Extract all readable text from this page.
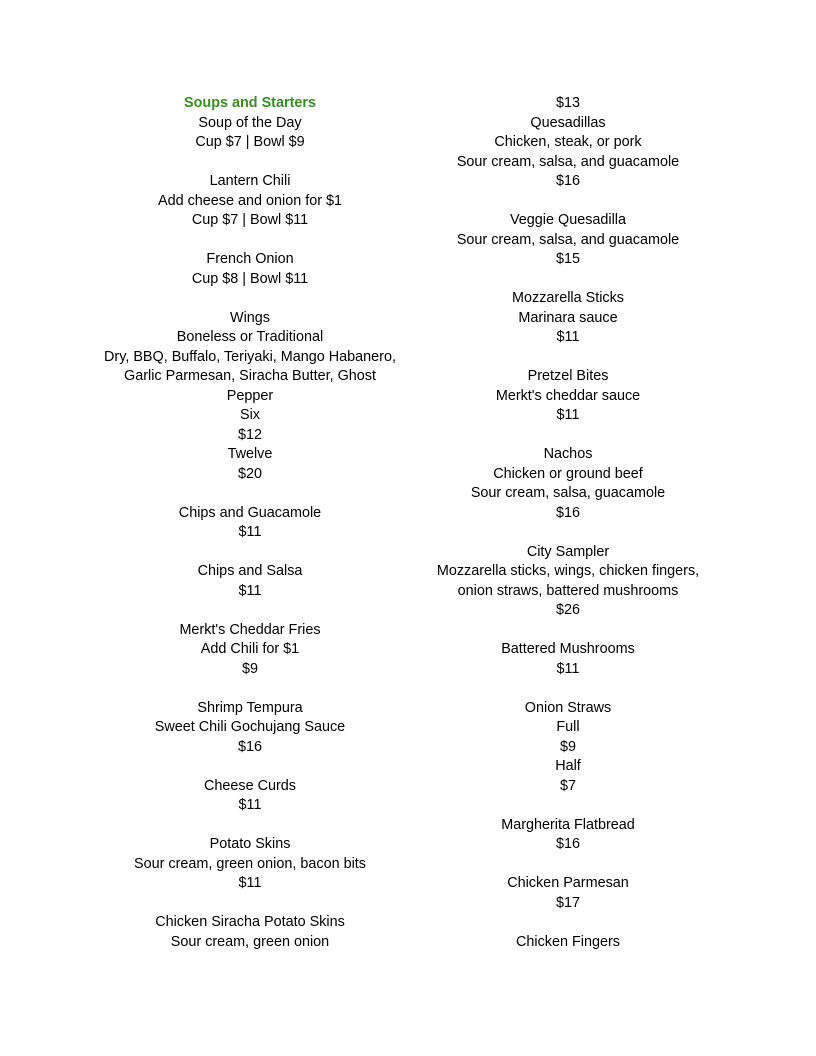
Soups and Starters
Soup of the Day
Cup $7 | Bowl $9
Lantern Chili
Add cheese and onion for $1
Cup $7 | Bowl $11
French Onion
Cup $8 | Bowl $11
Wings
Boneless or Traditional
Dry, BBQ, Buffalo, Teriyaki, Mango Habanero,
Garlic Parmesan, Siracha Butter, Ghost
Pepper
Six
$12
Twelve
$20
Chips and Guacamole
$11
Chips and Salsa
$11
Merkt's Cheddar Fries
Add Chili for $1
$9
Shrimp Tempura
Sweet Chili Gochujang Sauce
$16
Cheese Curds
$11
Potato Skins
Sour cream, green onion, bacon bits
$11
Chicken Siracha Potato Skins
Sour cream, green onion
$13
Quesadillas
Chicken, steak, or pork
Sour cream, salsa, and guacamole
$16
Veggie Quesadilla
Sour cream, salsa, and guacamole
$15
Mozzarella Sticks
Marinara sauce
$11
Pretzel Bites
Merkt's cheddar sauce
$11
Nachos
Chicken or ground beef
Sour cream, salsa, guacamole
$16
City Sampler
Mozzarella sticks, wings, chicken fingers,
onion straws, battered mushrooms
$26
Battered Mushrooms
$11
Onion Straws
Full
$9
Half
$7
Margherita Flatbread
$16
Chicken Parmesan
$17
Chicken Fingers
